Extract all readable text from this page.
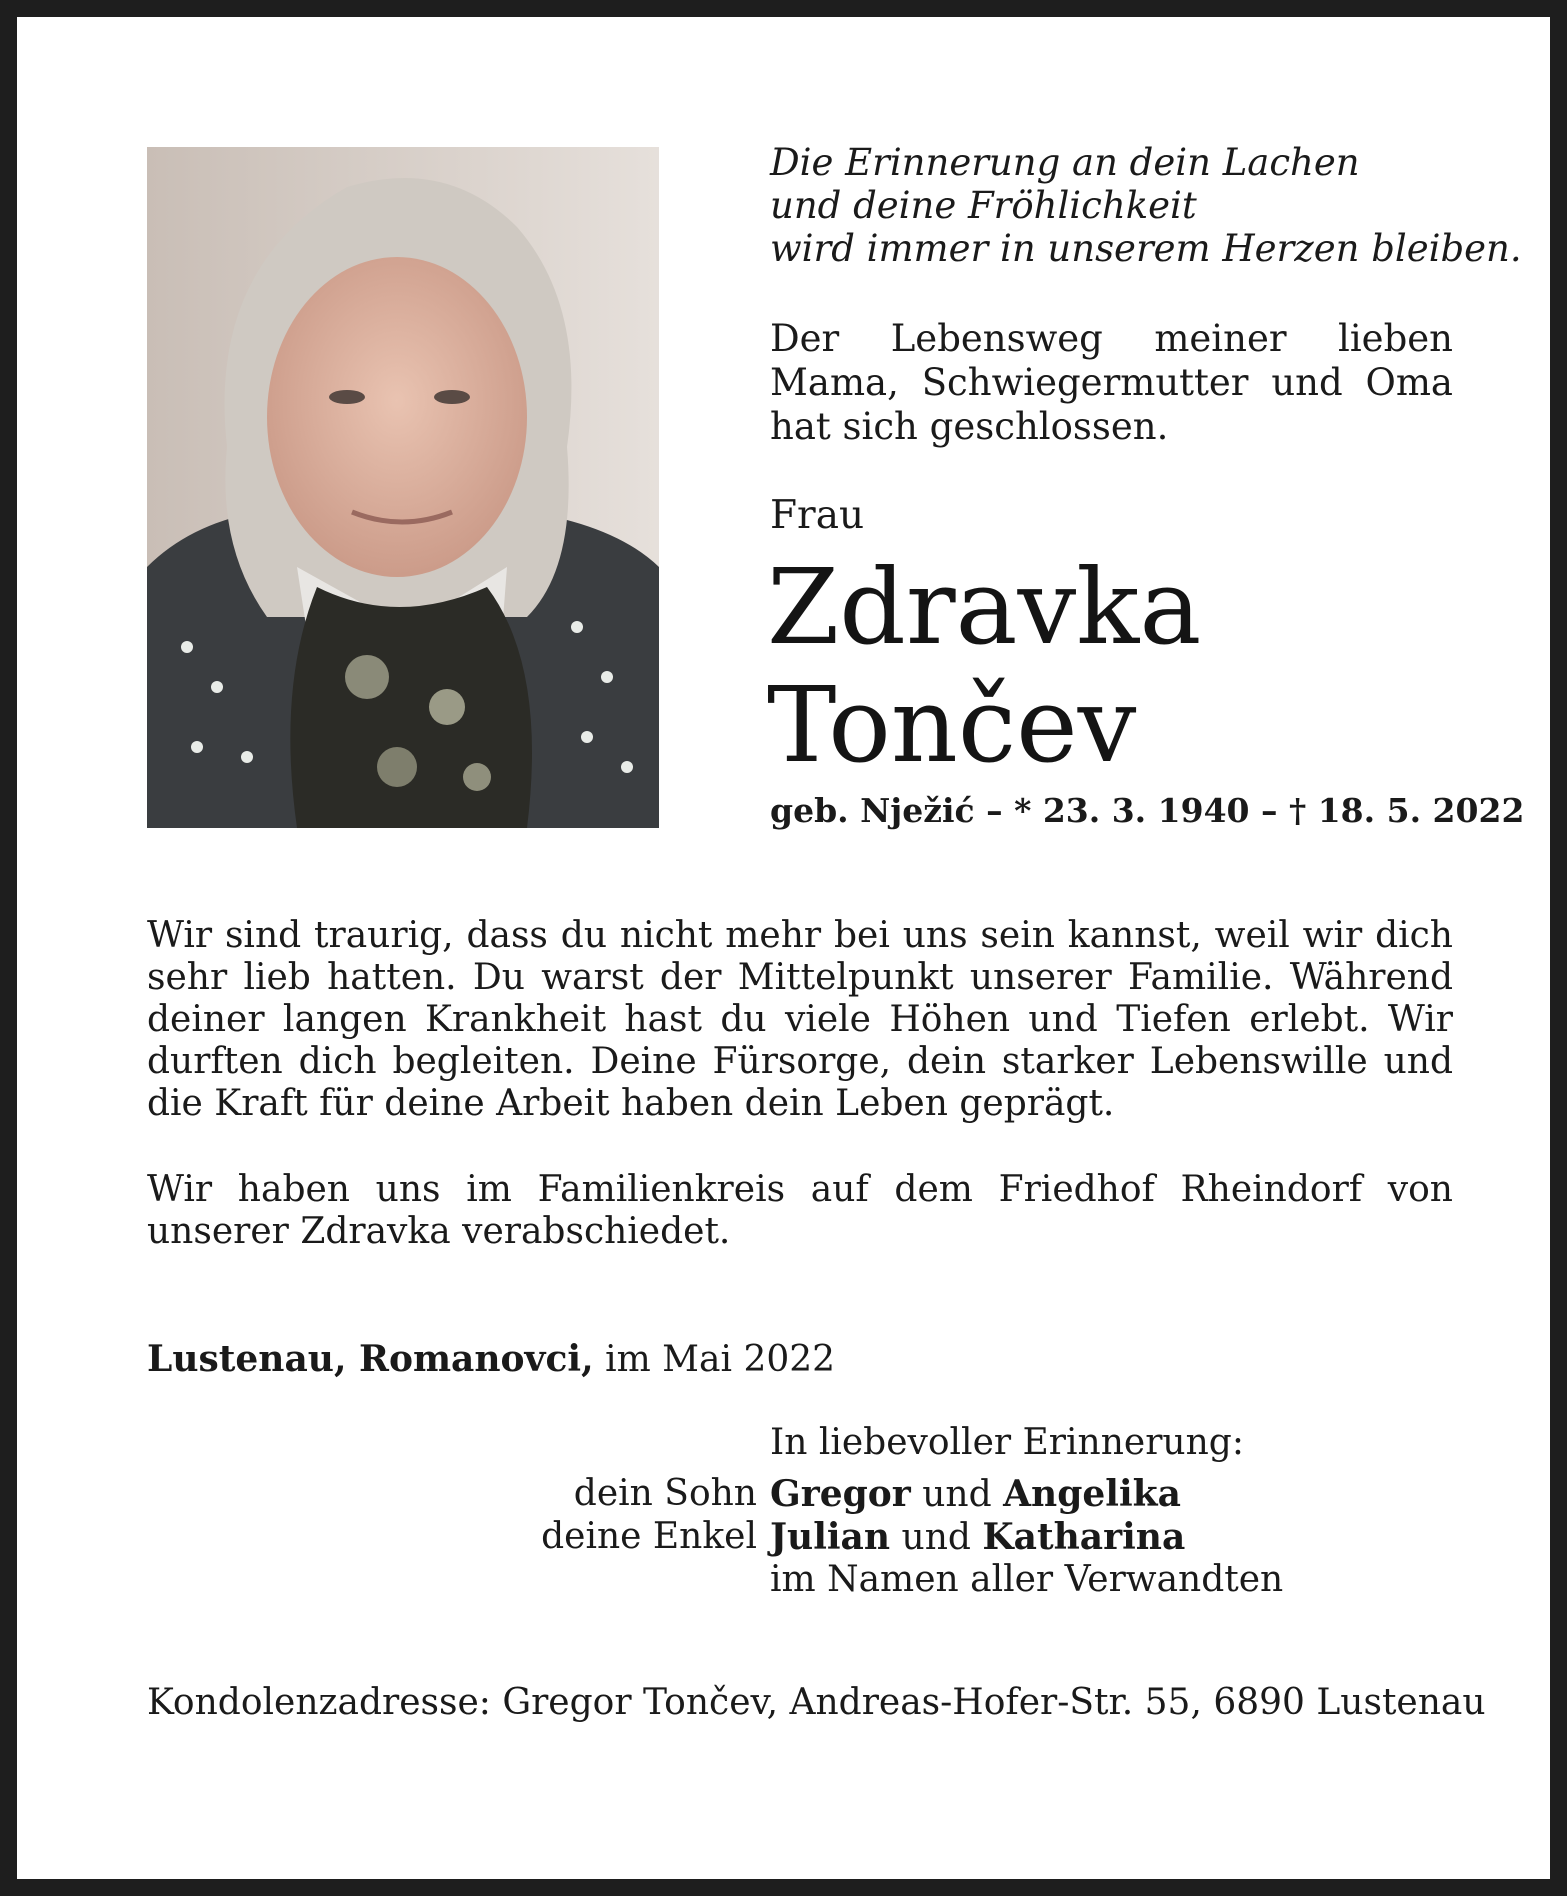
Die Erinnerung an dein Lachen
und deine Fröhlichkeit
wird immer in unserem Herzen bleiben.
Der Lebensweg meiner lieben Mama, Schwiegermutter und Oma hat sich geschlossen.
Frau
Zdravka
Tončev
geb. Nježić – * 23. 3. 1940 – † 18. 5. 2022
Wir sind traurig, dass du nicht mehr bei uns sein kannst, weil wir dich sehr lieb hatten. Du warst der Mittelpunkt unserer Familie. Während deiner langen Krankheit hast du viele Höhen und Tiefen erlebt. Wir durften dich begleiten. Deine Fürsorge, dein starker Lebenswille und die Kraft für deine Arbeit haben dein Leben geprägt.
Wir haben uns im Familienkreis auf dem Friedhof Rheindorf von unserer Zdravka verabschiedet.
Lustenau, Romanovci, im Mai 2022
In liebevoller Erinnerung:
dein Sohn Gregor und Angelika
deine Enkel Julian und Katharina
im Namen aller Verwandten
Kondolenzadresse: Gregor Tončev, Andreas-Hofer-Str. 55, 6890 Lustenau
